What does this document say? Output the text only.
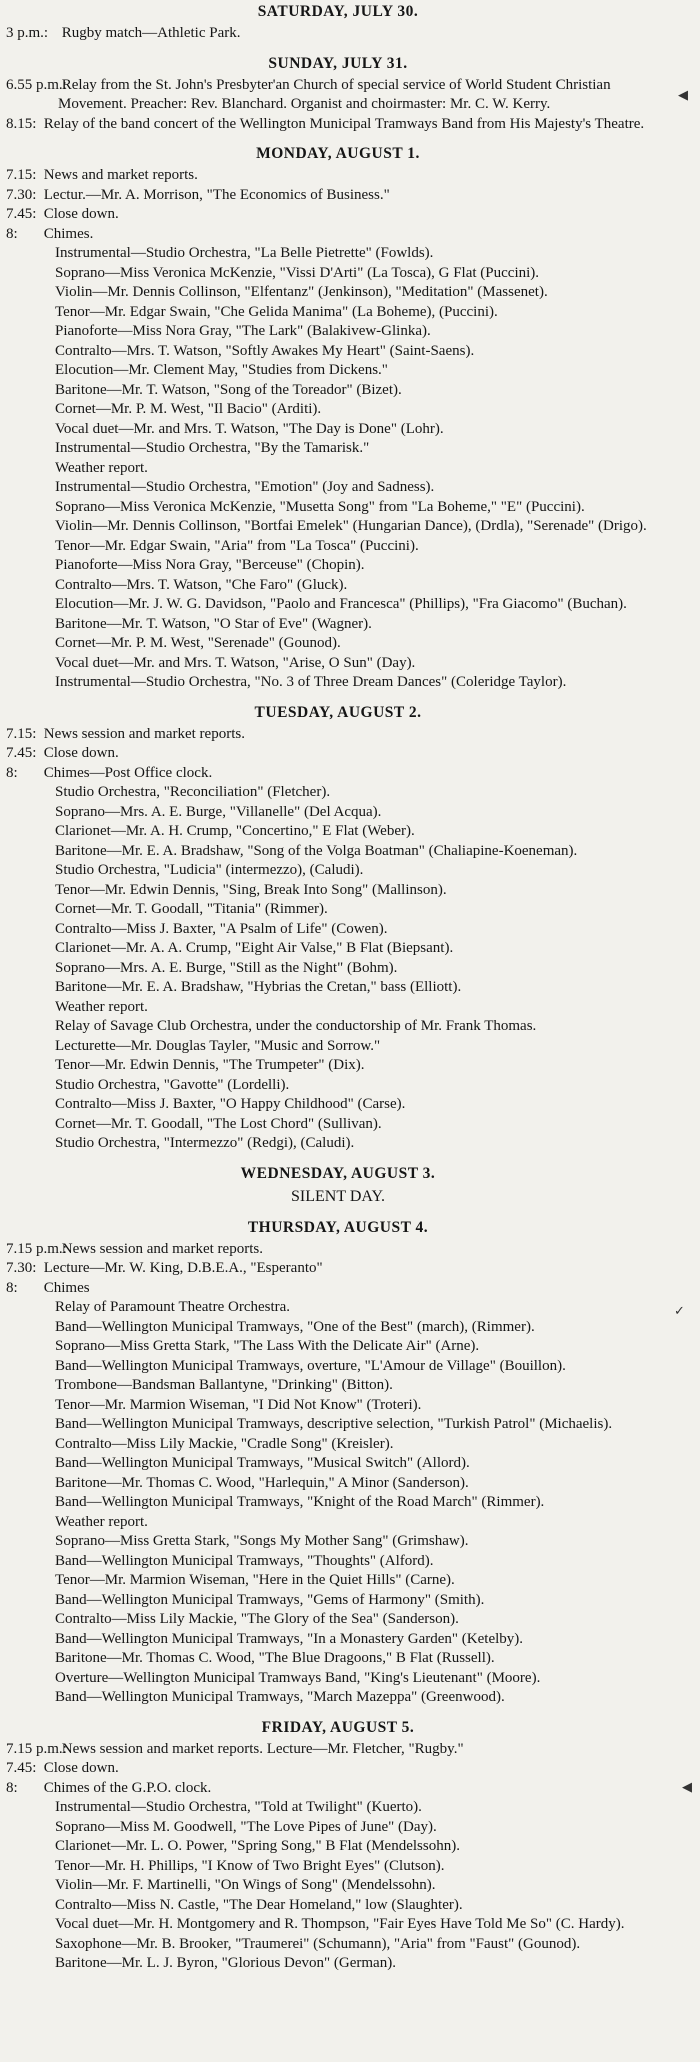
SATURDAY, JULY 30.
3 p.m.: Rugby match—Athletic Park.
SUNDAY, JULY 31.
6.55 p.m.: Relay from the St. John's Presbyter'an Church of special service of World Student Christian Movement. Preacher: Rev. Blanchard. Organist and choirmaster: Mr. C. W. Kerry.
8.15: Relay of the band concert of the Wellington Municipal Tramways Band from His Majesty's Theatre.
MONDAY, AUGUST 1.
7.15: News and market reports.
7.30: Lectur.—Mr. A. Morrison, "The Economics of Business."
7.45: Close down.
8: Chimes.
Instrumental—Studio Orchestra, "La Belle Pietrette" (Fowlds).
Soprano—Miss Veronica McKenzie, "Vissi D'Arti" (La Tosca), G Flat (Puccini).
Violin—Mr. Dennis Collinson, "Elfentanz" (Jenkinson), "Meditation" (Massenet).
Tenor—Mr. Edgar Swain, "Che Gelida Manima" (La Boheme), (Puccini).
Pianoforte—Miss Nora Gray, "The Lark" (Balakivew-Glinka).
Contralto—Mrs. T. Watson, "Softly Awakes My Heart" (Saint-Saens).
Elocution—Mr. Clement May, "Studies from Dickens."
Baritone—Mr. T. Watson, "Song of the Toreador" (Bizet).
Cornet—Mr. P. M. West, "Il Bacio" (Arditi).
Vocal duet—Mr. and Mrs. T. Watson, "The Day is Done" (Lohr).
Instrumental—Studio Orchestra, "By the Tamarisk."
Weather report.
Instrumental—Studio Orchestra, "Emotion" (Joy and Sadness).
Soprano—Miss Veronica McKenzie, "Musetta Song" from "La Boheme," "E" (Puccini).
Violin—Mr. Dennis Collinson, "Bortfai Emelek" (Hungarian Dance), (Drdla), "Serenade" (Drigo).
Tenor—Mr. Edgar Swain, "Aria" from "La Tosca" (Puccini).
Pianoforte—Miss Nora Gray, "Berceuse" (Chopin).
Contralto—Mrs. T. Watson, "Che Faro" (Gluck).
Elocution—Mr. J. W. G. Davidson, "Paolo and Francesca" (Phillips), "Fra Giacomo" (Buchan).
Baritone—Mr. T. Watson, "O Star of Eve" (Wagner).
Cornet—Mr. P. M. West, "Serenade" (Gounod).
Vocal duet—Mr. and Mrs. T. Watson, "Arise, O Sun" (Day).
Instrumental—Studio Orchestra, "No. 3 of Three Dream Dances" (Coleridge Taylor).
TUESDAY, AUGUST 2.
7.15: News session and market reports.
7.45: Close down.
8: Chimes—Post Office clock.
Studio Orchestra, "Reconciliation" (Fletcher).
Soprano—Mrs. A. E. Burge, "Villanelle" (Del Acqua).
Clarionet—Mr. A. H. Crump, "Concertino," E Flat (Weber).
Baritone—Mr. E. A. Bradshaw, "Song of the Volga Boatman" (Chaliapine-Koeneman).
Studio Orchestra, "Ludicia" (intermezzo), (Caludi).
Tenor—Mr. Edwin Dennis, "Sing, Break Into Song" (Mallinson).
Cornet—Mr. T. Goodall, "Titania" (Rimmer).
Contralto—Miss J. Baxter, "A Psalm of Life" (Cowen).
Clarionet—Mr. A. A. Crump, "Eight Air Valse," B Flat (Biepsant).
Soprano—Mrs. A. E. Burge, "Still as the Night" (Bohm).
Baritone—Mr. E. A. Bradshaw, "Hybrias the Cretan," bass (Elliott).
Weather report.
Relay of Savage Club Orchestra, under the conductorship of Mr. Frank Thomas.
Lecturette—Mr. Douglas Tayler, "Music and Sorrow."
Tenor—Mr. Edwin Dennis, "The Trumpeter" (Dix).
Studio Orchestra, "Gavotte" (Lordelli).
Contralto—Miss J. Baxter, "O Happy Childhood" (Carse).
Cornet—Mr. T. Goodall, "The Lost Chord" (Sullivan).
Studio Orchestra, "Intermezzo" (Redgi), (Caludi).
WEDNESDAY, AUGUST 3.
SILENT DAY.
THURSDAY, AUGUST 4.
7.15 p.m.: News session and market reports.
7.30: Lecture—Mr. W. King, D.B.E.A., "Esperanto"
8: Chimes
Relay of Paramount Theatre Orchestra.
Band—Wellington Municipal Tramways, "One of the Best" (march), (Rimmer).
Soprano—Miss Gretta Stark, "The Lass With the Delicate Air" (Arne).
Band—Wellington Municipal Tramways, overture, "L'Amour de Village" (Bouillon).
Trombone—Bandsman Ballantyne, "Drinking" (Bitton).
Tenor—Mr. Marmion Wiseman, "I Did Not Know" (Troteri).
Band—Wellington Municipal Tramways, descriptive selection, "Turkish Patrol" (Michaelis).
Contralto—Miss Lily Mackie, "Cradle Song" (Kreisler).
Band—Wellington Municipal Tramways, "Musical Switch" (Allord).
Baritone—Mr. Thomas C. Wood, "Harlequin," A Minor (Sanderson).
Band—Wellington Municipal Tramways, "Knight of the Road March" (Rimmer).
Weather report.
Soprano—Miss Gretta Stark, "Songs My Mother Sang" (Grimshaw).
Band—Wellington Municipal Tramways, "Thoughts" (Alford).
Tenor—Mr. Marmion Wiseman, "Here in the Quiet Hills" (Carne).
Band—Wellington Municipal Tramways, "Gems of Harmony" (Smith).
Contralto—Miss Lily Mackie, "The Glory of the Sea" (Sanderson).
Band—Wellington Municipal Tramways, "In a Monastery Garden" (Ketelby).
Baritone—Mr. Thomas C. Wood, "The Blue Dragoons," B Flat (Russell).
Overture—Wellington Municipal Tramways Band, "King's Lieutenant" (Moore).
Band—Wellington Municipal Tramways, "March Mazeppa" (Greenwood).
FRIDAY, AUGUST 5.
7.15 p.m.: News session and market reports. Lecture—Mr. Fletcher, "Rugby."
7.45: Close down.
8: Chimes of the G.P.O. clock.
Instrumental—Studio Orchestra, "Told at Twilight" (Kuerto).
Soprano—Miss M. Goodwell, "The Love Pipes of June" (Day).
Clarionet—Mr. L. O. Power, "Spring Song," B Flat (Mendelssohn).
Tenor—Mr. H. Phillips, "I Know of Two Bright Eyes" (Clutson).
Violin—Mr. F. Martinelli, "On Wings of Song" (Mendelssohn).
Contralto—Miss N. Castle, "The Dear Homeland," low (Slaughter).
Vocal duet—Mr. H. Montgomery and R. Thompson, "Fair Eyes Have Told Me So" (C. Hardy).
Saxophone—Mr. B. Brooker, "Traumerei" (Schumann), "Aria" from "Faust" (Gounod).
Baritone—Mr. L. J. Byron, "Glorious Devon" (German).
◀
✓
◀
